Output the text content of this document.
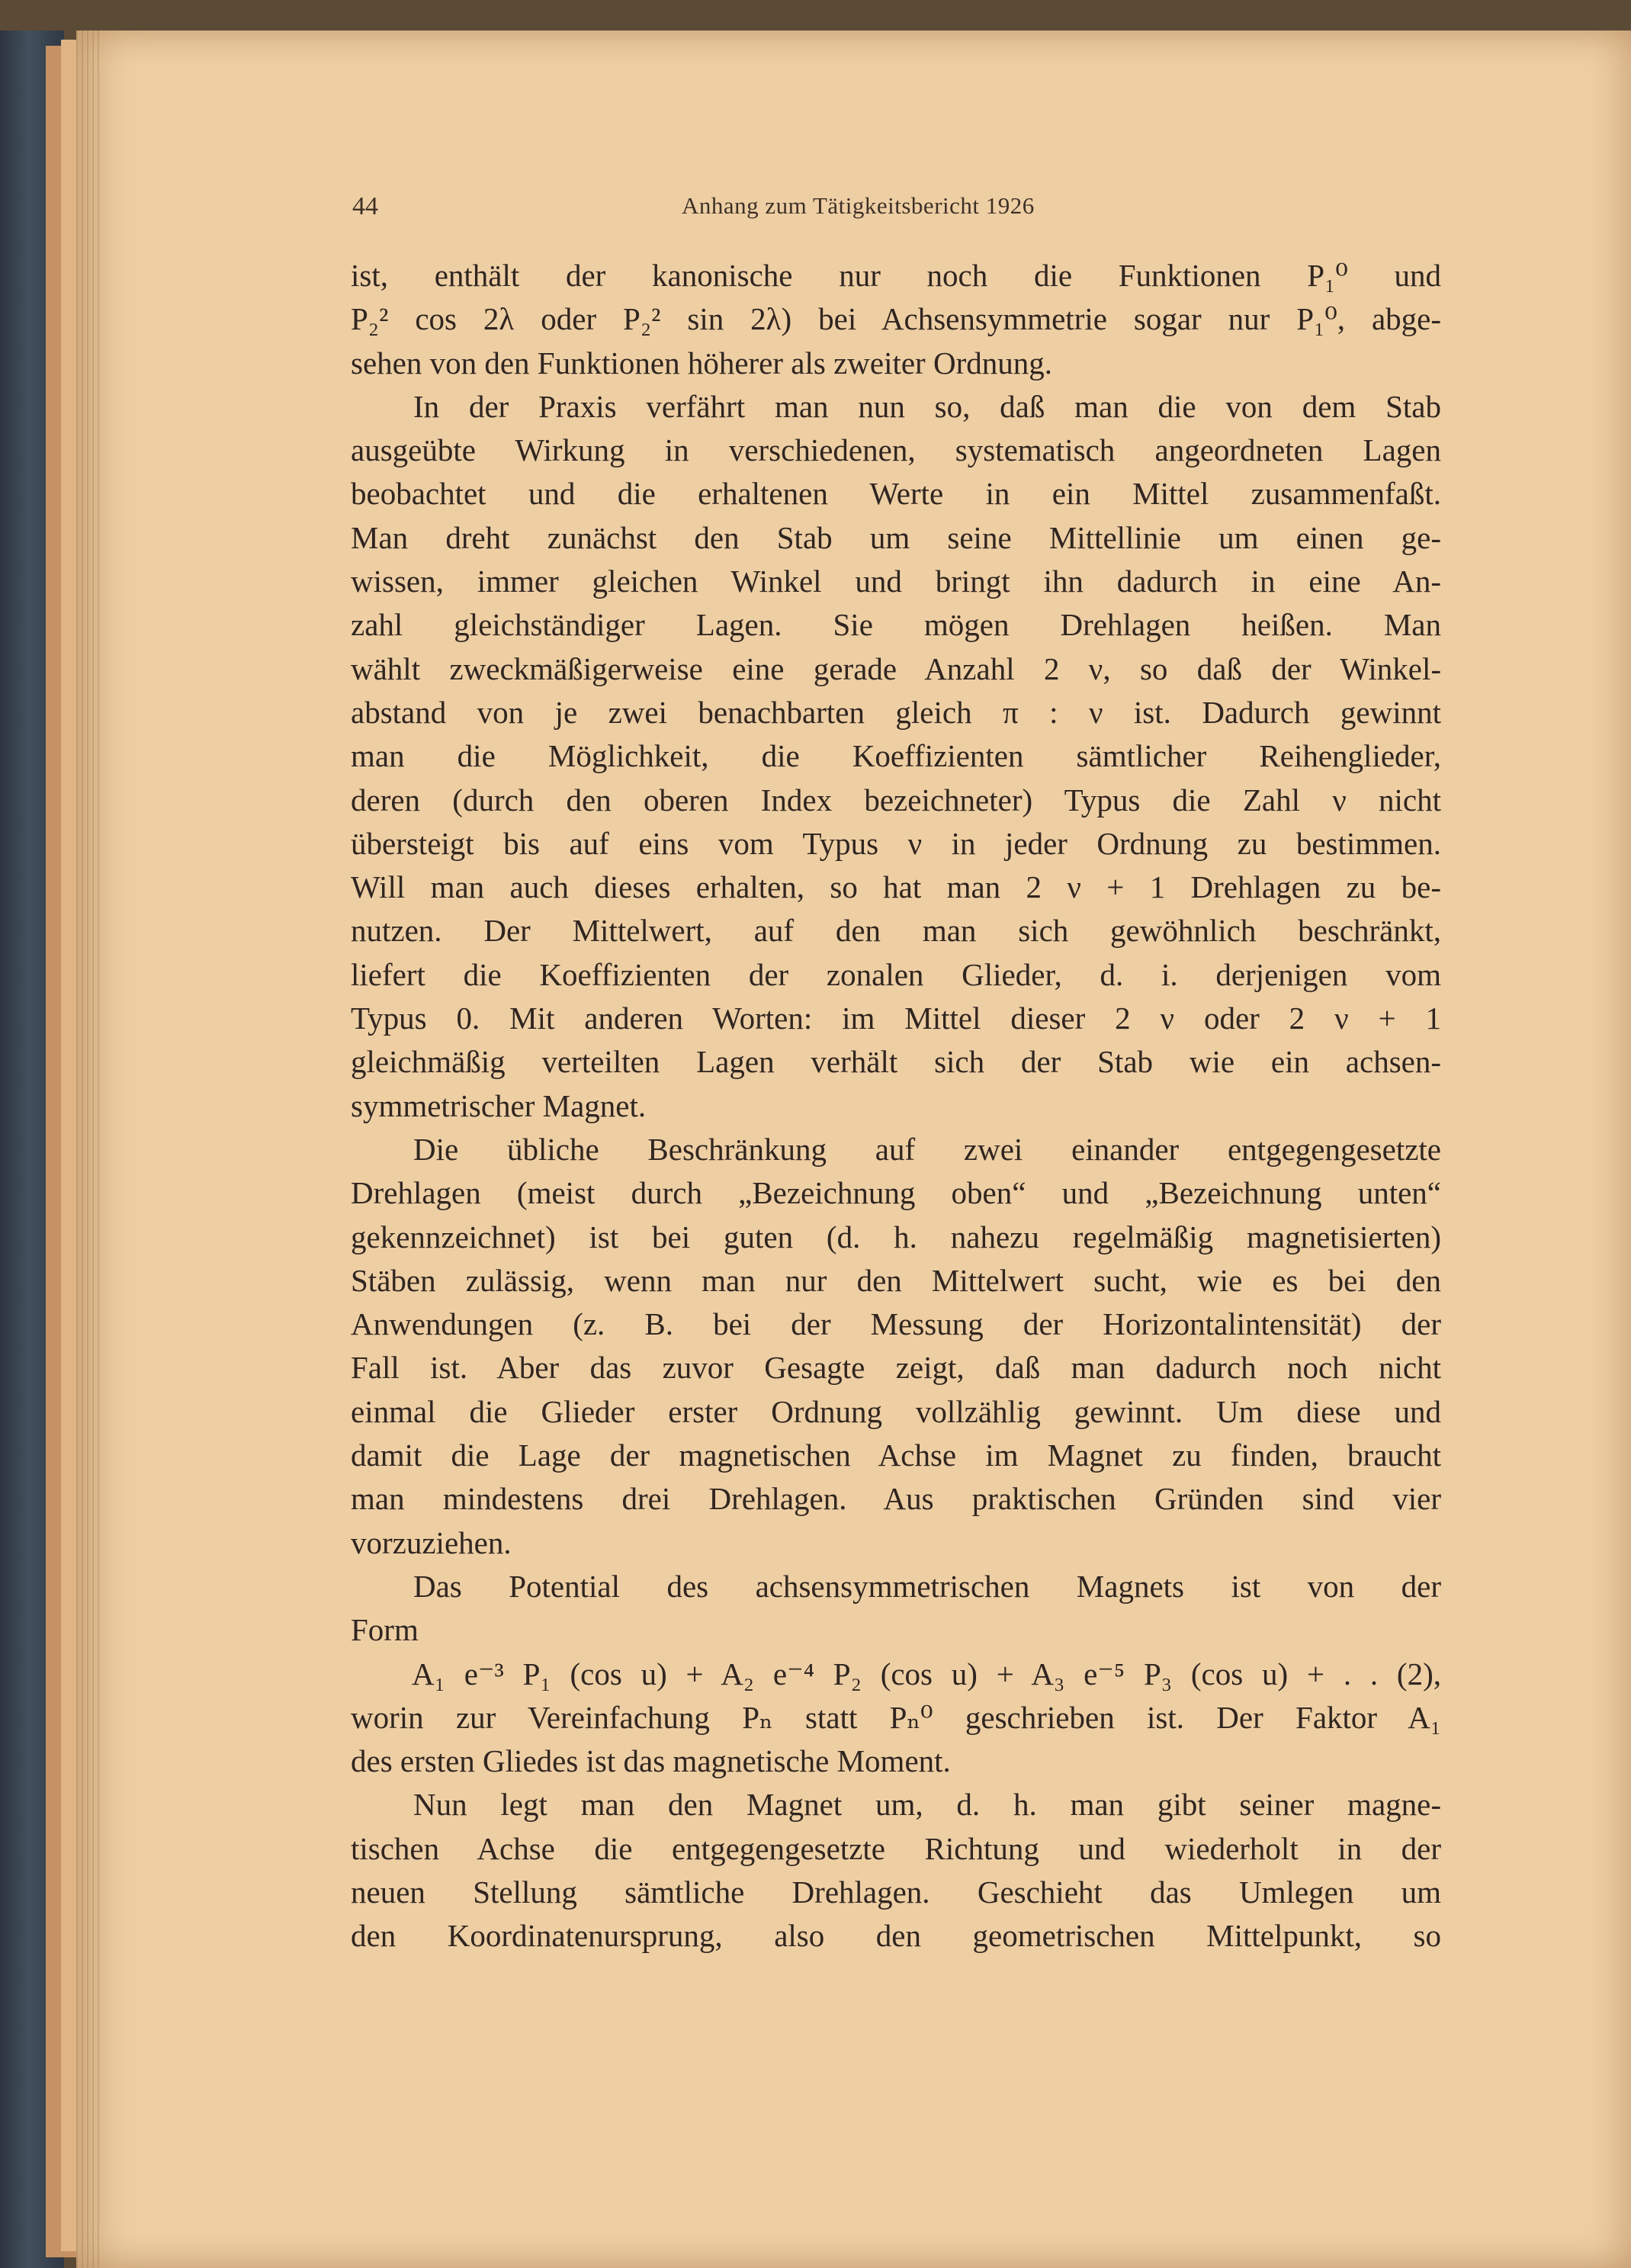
44	Anhang zum Tätigkeitsbericht 1926
ist, enthält der kanonische nur noch die Funktionen P₁⁰ und
P₂² cos 2λ oder P₂² sin 2λ) bei Achsensymmetrie sogar nur P₁⁰, abge-
sehen von den Funktionen höherer als zweiter Ordnung.
In der Praxis verfährt man nun so, daß man die von dem Stab
ausgeübte Wirkung in verschiedenen, systematisch angeordneten Lagen
beobachtet und die erhaltenen Werte in ein Mittel zusammenfaßt.
Man dreht zunächst den Stab um seine Mittellinie um einen ge-
wissen, immer gleichen Winkel und bringt ihn dadurch in eine An-
zahl gleichständiger Lagen. Sie mögen Drehlagen heißen. Man
wählt zweckmäßigerweise eine gerade Anzahl 2 ν, so daß der Winkel-
abstand von je zwei benachbarten gleich π : ν ist. Dadurch gewinnt
man die Möglichkeit, die Koeffizienten sämtlicher Reihenglieder,
deren (durch den oberen Index bezeichneter) Typus die Zahl ν nicht
übersteigt bis auf eins vom Typus ν in jeder Ordnung zu bestimmen.
Will man auch dieses erhalten, so hat man 2 ν + 1 Drehlagen zu be-
nutzen. Der Mittelwert, auf den man sich gewöhnlich beschränkt,
liefert die Koeffizienten der zonalen Glieder, d. i. derjenigen vom
Typus 0. Mit anderen Worten: im Mittel dieser 2 ν oder 2 ν + 1
gleichmäßig verteilten Lagen verhält sich der Stab wie ein achsen-
symmetrischer Magnet.
Die übliche Beschränkung auf zwei einander entgegengesetzte
Drehlagen (meist durch „Bezeichnung oben“ und „Bezeichnung unten“
gekennzeichnet) ist bei guten (d. h. nahezu regelmäßig magnetisierten)
Stäben zulässig, wenn man nur den Mittelwert sucht, wie es bei den
Anwendungen (z. B. bei der Messung der Horizontalintensität) der
Fall ist. Aber das zuvor Gesagte zeigt, daß man dadurch noch nicht
einmal die Glieder erster Ordnung vollzählig gewinnt. Um diese und
damit die Lage der magnetischen Achse im Magnet zu finden, braucht
man mindestens drei Drehlagen. Aus praktischen Gründen sind vier
vorzuziehen.
Das Potential des achsensymmetrischen Magnets ist von der
Form
A₁ e⁻³ P₁ (cos u) + A₂ e⁻⁴ P₂ (cos u) + A₃ e⁻⁵ P₃ (cos u) + . . (2),
worin zur Vereinfachung Pₙ statt Pₙ⁰ geschrieben ist. Der Faktor A₁
des ersten Gliedes ist das magnetische Moment.
Nun legt man den Magnet um, d. h. man gibt seiner magne-
tischen Achse die entgegengesetzte Richtung und wiederholt in der
neuen Stellung sämtliche Drehlagen. Geschieht das Umlegen um
den Koordinatenursprung, also den geometrischen Mittelpunkt, so
